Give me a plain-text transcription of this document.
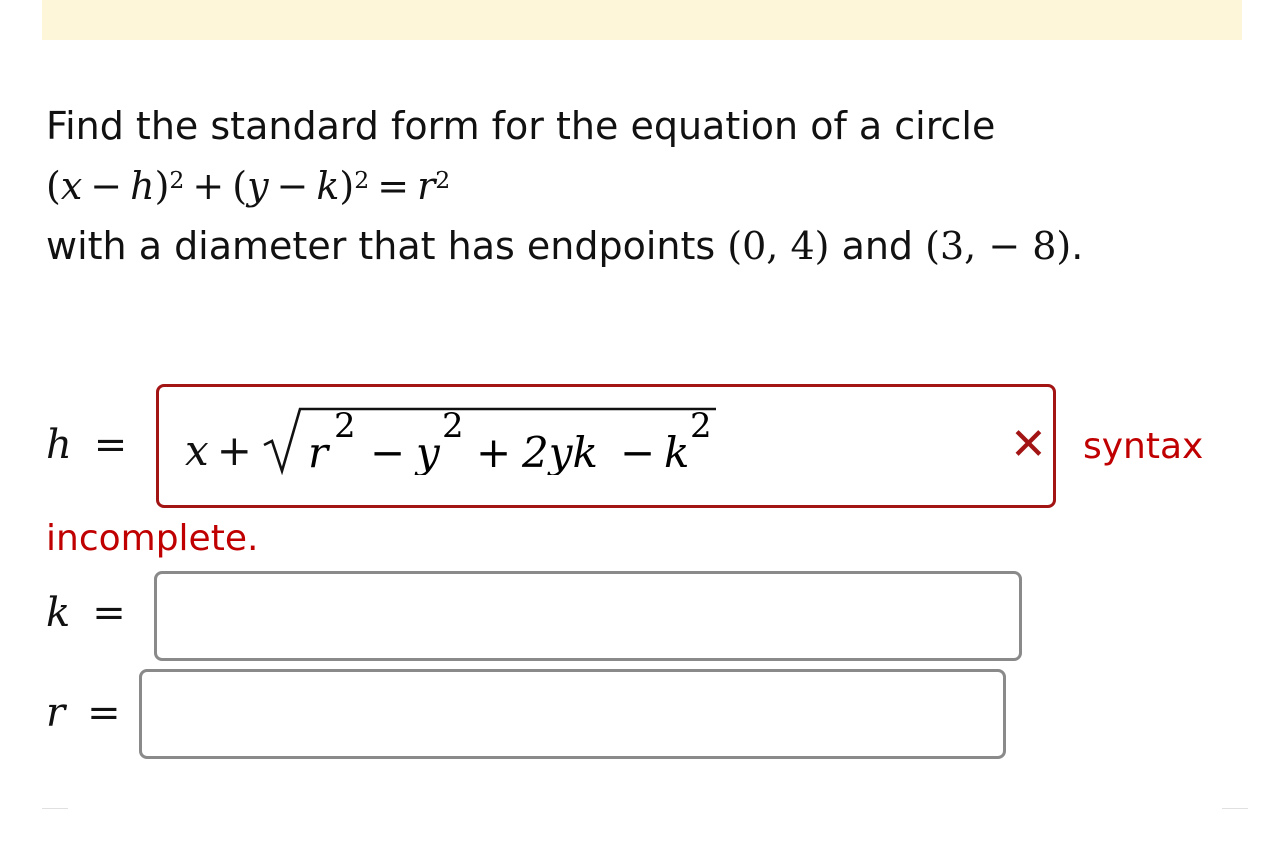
Find the standard form for the equation of a circle
$(x - h)^2 + (y - k)^2 = r^2$
with a diameter that has endpoints (0, 4) and (3, − 8).
h = x + r
2
− y
2
+ 2yk − k
2	✕ syntax
incomplete.
k =
r =
